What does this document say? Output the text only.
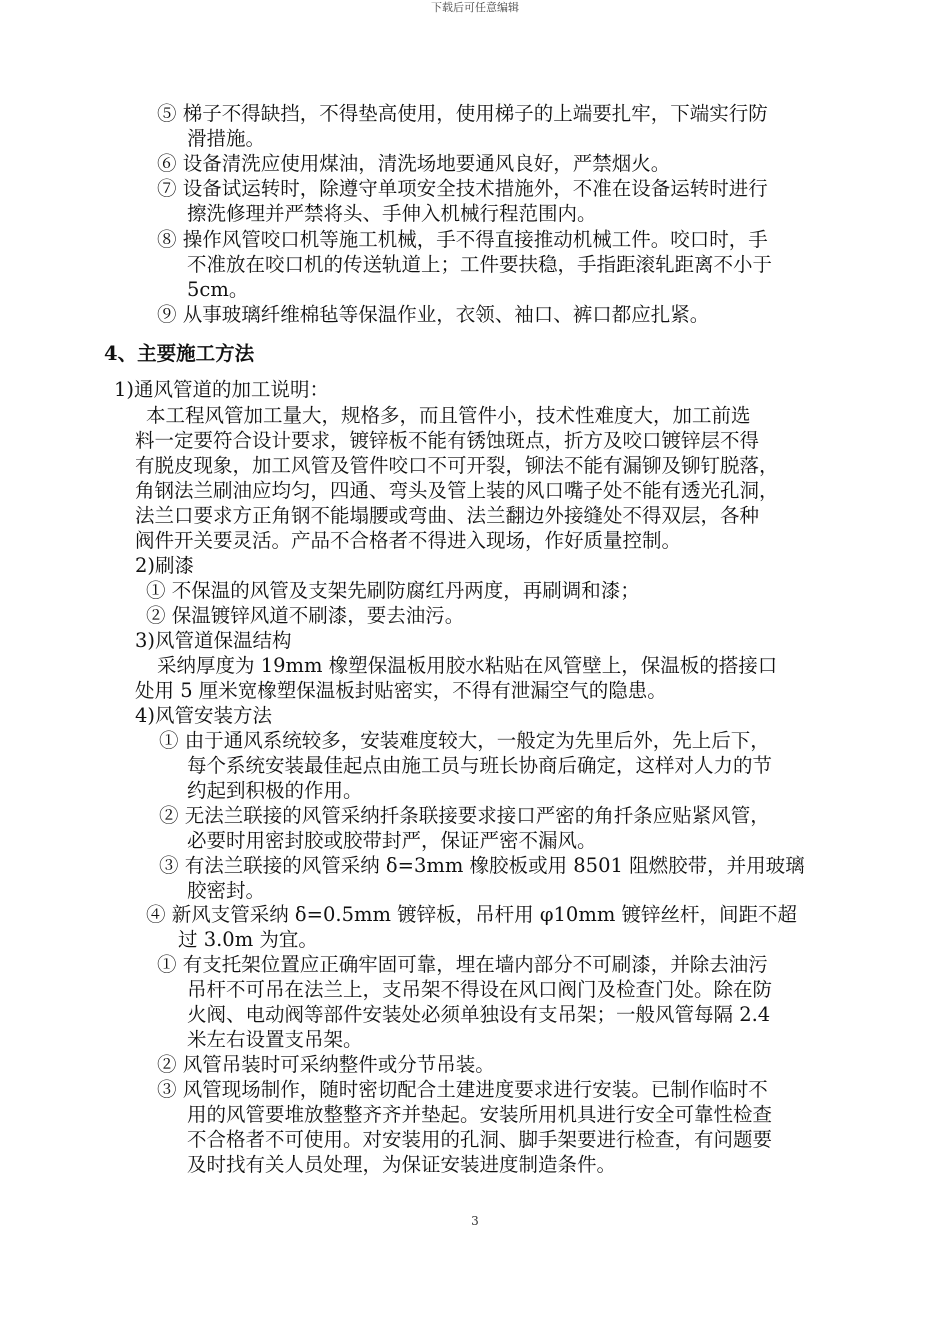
下载后可任意编辑
⑤ 梯子不得缺挡，不得垫高使用，使用梯子的上端要扎牢，下端实行防
滑措施。
⑥ 设备清洗应使用煤油，清洗场地要通风良好，严禁烟火。
⑦ 设备试运转时，除遵守单项安全技术措施外，不准在设备运转时进行
擦洗修理并严禁将头、手伸入机械行程范围内。
⑧ 操作风管咬口机等施工机械，手不得直接推动机械工件。咬口时，手
不准放在咬口机的传送轨道上；工件要扶稳，手指距滚轧距离不小于
5cm。
⑨ 从事玻璃纤维棉毡等保温作业，衣领、袖口、裤口都应扎紧。
4、主要施工方法
1)通风管道的加工说明：
本工程风管加工量大，规格多，而且管件小，技术性难度大，加工前选
料一定要符合设计要求，镀锌板不能有锈蚀斑点，折方及咬口镀锌层不得
有脱皮现象，加工风管及管件咬口不可开裂，铆法不能有漏铆及铆钉脱落，
角钢法兰刷油应均匀，四通、弯头及管上装的风口嘴子处不能有透光孔洞，
法兰口要求方正角钢不能塌腰或弯曲、法兰翻边外接缝处不得双层，各种
阀件开关要灵活。产品不合格者不得进入现场，作好质量控制。
2)刷漆
① 不保温的风管及支架先刷防腐红丹两度，再刷调和漆；
② 保温镀锌风道不刷漆，要去油污。
3)风管道保温结构
采纳厚度为 19mm 橡塑保温板用胶水粘贴在风管壁上，保温板的搭接口
处用 5 厘米宽橡塑保温板封贴密实，不得有泄漏空气的隐患。
4)风管安装方法
① 由于通风系统较多，安装难度较大，一般定为先里后外，先上后下，
每个系统安装最佳起点由施工员与班长协商后确定，这样对人力的节
约起到积极的作用。
② 无法兰联接的风管采纳扦条联接要求接口严密的角扦条应贴紧风管，
必要时用密封胶或胶带封严，保证严密不漏风。
③ 有法兰联接的风管采纳 δ=3mm 橡胶板或用 8501 阻燃胶带，并用玻璃
胶密封。
④ 新风支管采纳 δ=0.5mm 镀锌板，吊杆用 φ10mm 镀锌丝杆，间距不超
过 3.0m 为宜。
① 有支托架位置应正确牢固可靠，埋在墙内部分不可刷漆，并除去油污
吊杆不可吊在法兰上，支吊架不得设在风口阀门及检查门处。除在防
火阀、电动阀等部件安装处必须单独设有支吊架；一般风管每隔 2.4
米左右设置支吊架。
② 风管吊装时可采纳整件或分节吊装。
③ 风管现场制作，随时密切配合土建进度要求进行安装。已制作临时不
用的风管要堆放整整齐齐并垫起。安装所用机具进行安全可靠性检查
不合格者不可使用。对安装用的孔洞、脚手架要进行检查，有问题要
及时找有关人员处理，为保证安装进度制造条件。
3
